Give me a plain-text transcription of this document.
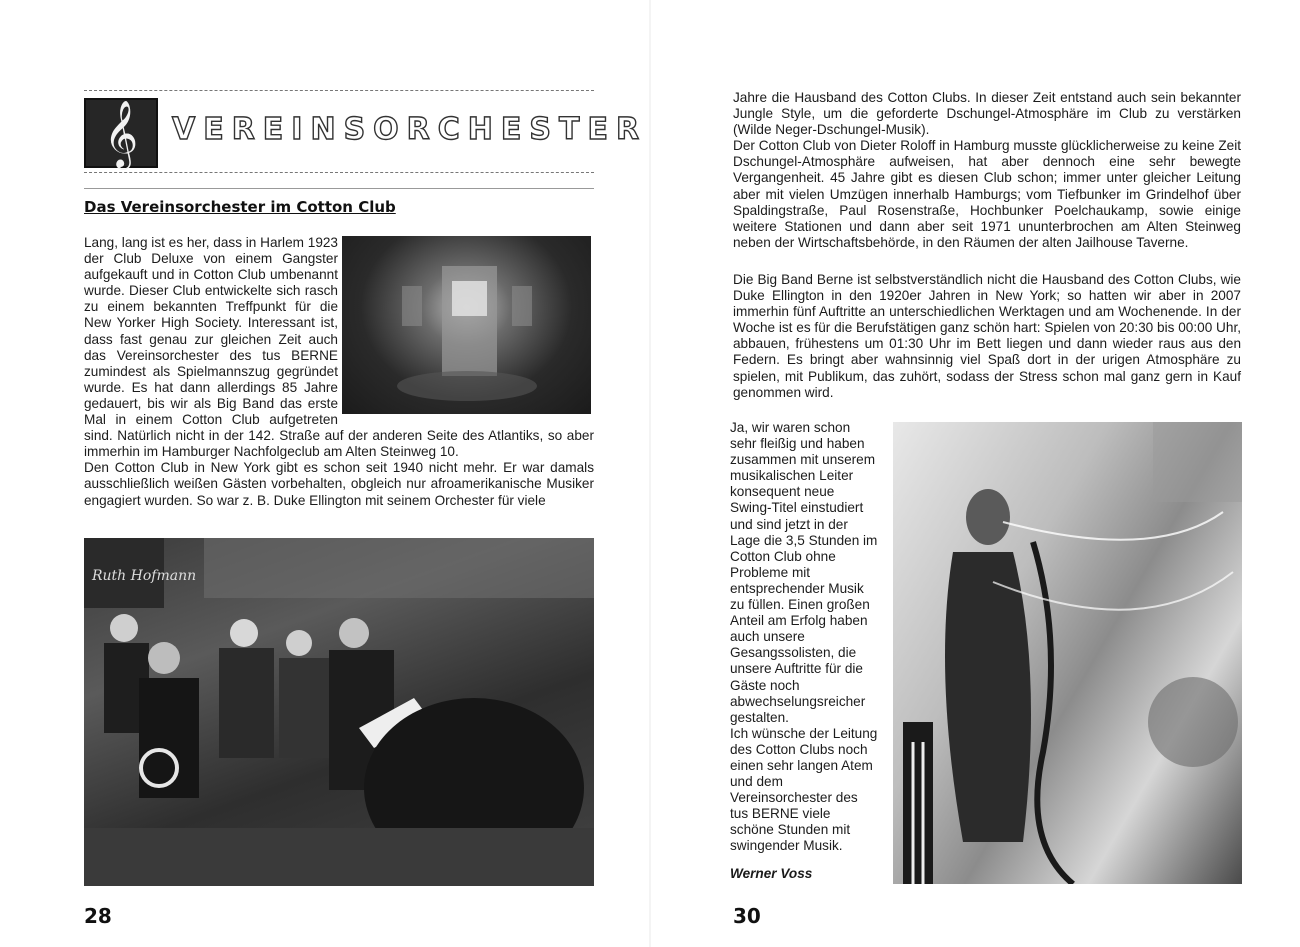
𝄞 VEREINSORCHESTER
Das Vereinsorchester im Cotton Club

Lang, lang ist es her, dass in Harlem 1923 der Club Deluxe von einem Gangster aufgekauft und in Cotton Club umbenannt wurde. Dieser Club entwickelte sich rasch zu einem bekannten Treffpunkt für die New Yorker High Society. Interessant ist, dass fast genau zur gleichen Zeit auch das Vereinsorchester des tus BERNE zumindest als Spielmannszug gegründet wurde. Es hat dann allerdings 85 Jahre gedauert, bis wir als Big Band das erste Mal in einem Cotton Club aufgetreten sind. Natürlich nicht in der 142. Straße auf der anderen Seite des Atlantiks, so aber immerhin im Hamburger Nachfolgeclub am Alten Steinweg 10.

Den Cotton Club in New York gibt es schon seit 1940 nicht mehr. Er war damals ausschließlich weißen Gästen vorbehalten, obgleich nur afroamerikanische Musiker engagiert wurden. So war z. B. Duke Ellington mit seinem Orchester für viele

Ruth Hofmann
28

Jahre die Hausband des Cotton Clubs. In dieser Zeit entstand auch sein bekannter Jungle Style, um die geforderte Dschungel-Atmosphäre im Club zu verstärken (Wilde Neger-Dschungel-Musik).

Der Cotton Club von Dieter Roloff in Hamburg musste glücklicherweise zu keine Zeit Dschungel-Atmosphäre aufweisen, hat aber dennoch eine sehr bewegte Vergangenheit. 45 Jahre gibt es diesen Club schon; immer unter gleicher Leitung aber mit vielen Umzügen innerhalb Hamburgs; vom Tiefbunker im Grindelhof über Spaldingstraße, Paul Rosenstraße, Hochbunker Poelchaukamp, sowie einige weitere Stationen und dann aber seit 1971 ununterbrochen am Alten Steinweg neben der Wirtschaftsbehörde, in den Räumen der alten Jailhouse Taverne.

Die Big Band Berne ist selbstverständlich nicht die Hausband des Cotton Clubs, wie Duke Ellington in den 1920er Jahren in New York; so hatten wir aber in 2007 immerhin fünf Auftritte an unterschiedlichen Werktagen und am Wochenende. In der Woche ist es für die Berufstätigen ganz schön hart: Spielen von 20:30 bis 00:00 Uhr, abbauen, frühestens um 01:30 Uhr im Bett liegen und dann wieder raus aus den Federn. Es bringt aber wahnsinnig viel Spaß dort in der urigen Atmosphäre zu spielen, mit Publikum, das zuhört, sodass der Stress schon mal ganz gern in Kauf genommen wird.

Ja, wir waren schon sehr fleißig und haben zusammen mit unserem musikalischen Leiter konsequent neue Swing-Titel einstudiert und sind jetzt in der Lage die 3,5 Stunden im Cotton Club ohne Probleme mit entsprechender Musik zu füllen. Einen großen Anteil am Erfolg haben auch unsere Gesangssolisten, die unsere Auftritte für die Gäste noch abwechselungsreicher gestalten.

Ich wünsche der Leitung des Cotton Clubs noch einen sehr langen Atem und dem Vereinsorchester des tus BERNE viele schöne Stunden mit swingender Musik.

Werner Voss
30
